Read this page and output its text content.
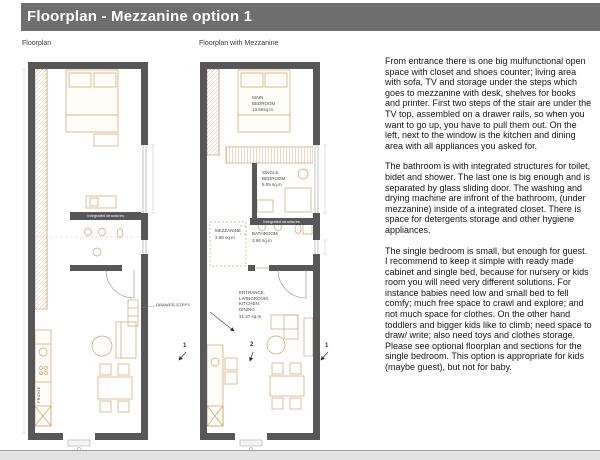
Floorplan - Mezzanine option 1
Floorplan	Floorplan with Mezzanine
Integrated structures
DRAWER STEPS
FRIDGE
1
MAIN BEDROOM
13.50sq.m
SINGLE BEDROOM
6.09 sq.m
Integrated structures
MEZZANINE
3.99 sq.m
BATHROOM
3.96 sq.m
ENTRANCE, LIVINGROOM, KITCHEN, DINING
31.27 sq.m
2	1

From entrance there is one big mulfunctional open space with closet and shoes counter; living area with sofa, TV and storage under the steps which goes to mezzanine with desk, shelves for books and printer. First two steps of the stair are under the TV top, assembled on a drawer rails, so when you want to go up, you have to pull them out. On the left, next to the window is the kitchen and dining area with all appliances you asked for.

The bathroom is with integrated structures for toilet, bidet and shower. The last one is big enough and is separated by glass sliding door. The washing and drying machine are infront of the bathroom, (under mezzanine) inside of a integrated closet. There is space for detergents storage and other hygiene appliances.

The single bedroom is small, but enough for guest. I recommend to keep it simple with ready made cabinet and single bed, because for nursery or kids room you will need very different solutions. For instance babies need low and small bed to fell comfy; much free space to crawl and explore; and not much space for clothes. On the other hand toddlers and bigger kids like to climb; need space to draw/ write; also need toys and clothes storage. Please see optional floorplan and sections for the single bedroom. This option is appropriate for kids (maybe guest), but not for baby.
